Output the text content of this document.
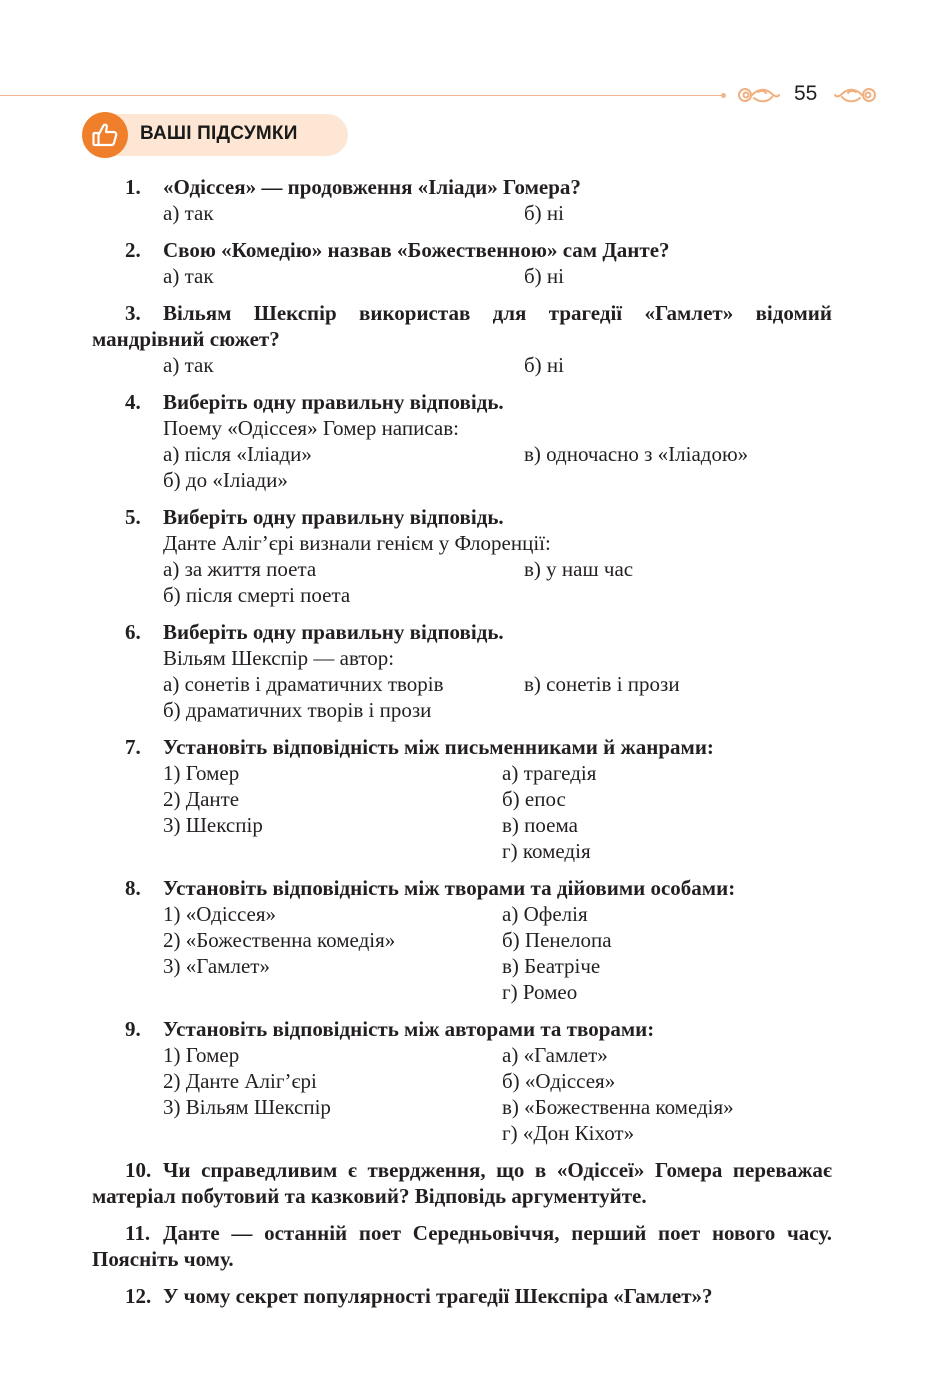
55
ВАШІ ПІДСУМКИ
1. «Одіссея» — продовження «Іліади» Гомера?
а) так	б) ні
2. Свою «Комедію» назвав «Божественною» сам Данте?
а) так	б) ні
3. Вільям Шекспір використав для трагедії «Гамлет» відомий мандрівний сюжет?
а) так	б) ні
4. Виберіть одну правильну відповідь.
Поему «Одіссея» Гомер написав:
а) після «Іліади»	в) одночасно з «Іліадою»
б) до «Іліади»
5. Виберіть одну правильну відповідь.
Данте Аліг’єрі визнали генієм у Флоренції:
а) за життя поета	в) у наш час
б) після смерті поета
6. Виберіть одну правильну відповідь.
Вільям Шекспір — автор:
а) сонетів і драматичних творів	в) сонетів і прози
б) драматичних творів і прози
7. Установіть відповідність між письменниками й жанрами:
1) Гомер	а) трагедія
2) Данте	б) епос
3) Шекспір	в) поема
г) комедія
8. Установіть відповідність між творами та дійовими особами:
1) «Одіссея»	а) Офелія
2) «Божественна комедія»	б) Пенелопа
3) «Гамлет»	в) Беатріче
г) Ромео
9. Установіть відповідність між авторами та творами:
1) Гомер	а) «Гамлет»
2) Данте Аліг’єрі	б) «Одіссея»
3) Вільям Шекспір	в) «Божественна комедія»
г) «Дон Кіхот»
10. Чи справедливим є твердження, що в «Одіссеї» Гомера переважає матеріал побутовий та казковий? Відповідь аргументуйте.
11. Данте — останній поет Середньовіччя, перший поет нового часу. Поясніть чому.
12. У чому секрет популярності трагедії Шекспіра «Гамлет»?
